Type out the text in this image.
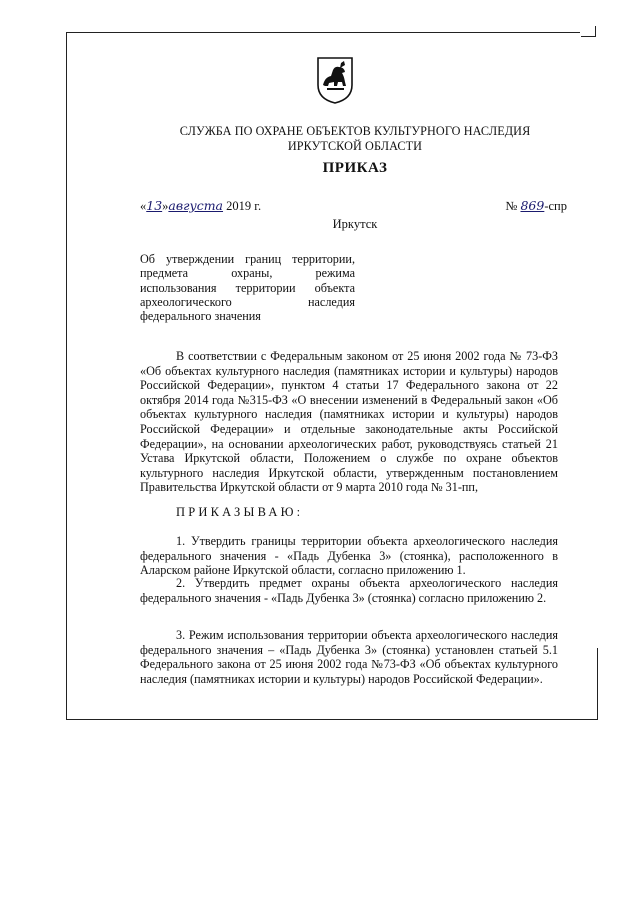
СЛУЖБА ПО ОХРАНЕ ОБЪЕКТОВ КУЛЬТУРНОГО НАСЛЕДИЯ
ИРКУТСКОЙ ОБЛАСТИ
ПРИКАЗ
«13»августа 2019 г.	№ 869-спр
Иркутск
Об утверждении границ территории,
предмета охраны, режима
использования территории объекта
археологического наследия
федерального значения
В соответствии с Федеральным законом от 25 июня 2002 года № 73-ФЗ «Об объектах культурного наследия (памятниках истории и культуры) народов Российской Федерации», пунктом 4 статьи 17 Федерального закона от 22 октября 2014 года №315-ФЗ «О внесении изменений в Федеральный закон «Об объектах культурного наследия (памятниках истории и культуры) народов Российской Федерации» и отдельные законодательные акты Российской Федерации», на основании археологических работ, руководствуясь статьей 21 Устава Иркутской области, Положением о службе по охране объектов культурного наследия Иркутской области, утвержденным постановлением Правительства Иркутской области от 9 марта 2010 года № 31-пп,
ПРИКАЗЫВАЮ:
1. Утвердить границы территории объекта археологического наследия федерального значения - «Падь Дубенка 3» (стоянка), расположенного в Аларском районе Иркутской области, согласно приложению 1.
2. Утвердить предмет охраны объекта археологического наследия федерального значения - «Падь Дубенка 3» (стоянка) согласно приложению 2.
3. Режим использования территории объекта археологического наследия федерального значения – «Падь Дубенка 3» (стоянка) установлен статьей 5.1 Федерального закона от 25 июня 2002 года №73-ФЗ «Об объектах культурного наследия (памятниках истории и культуры) народов Российской Федерации».
